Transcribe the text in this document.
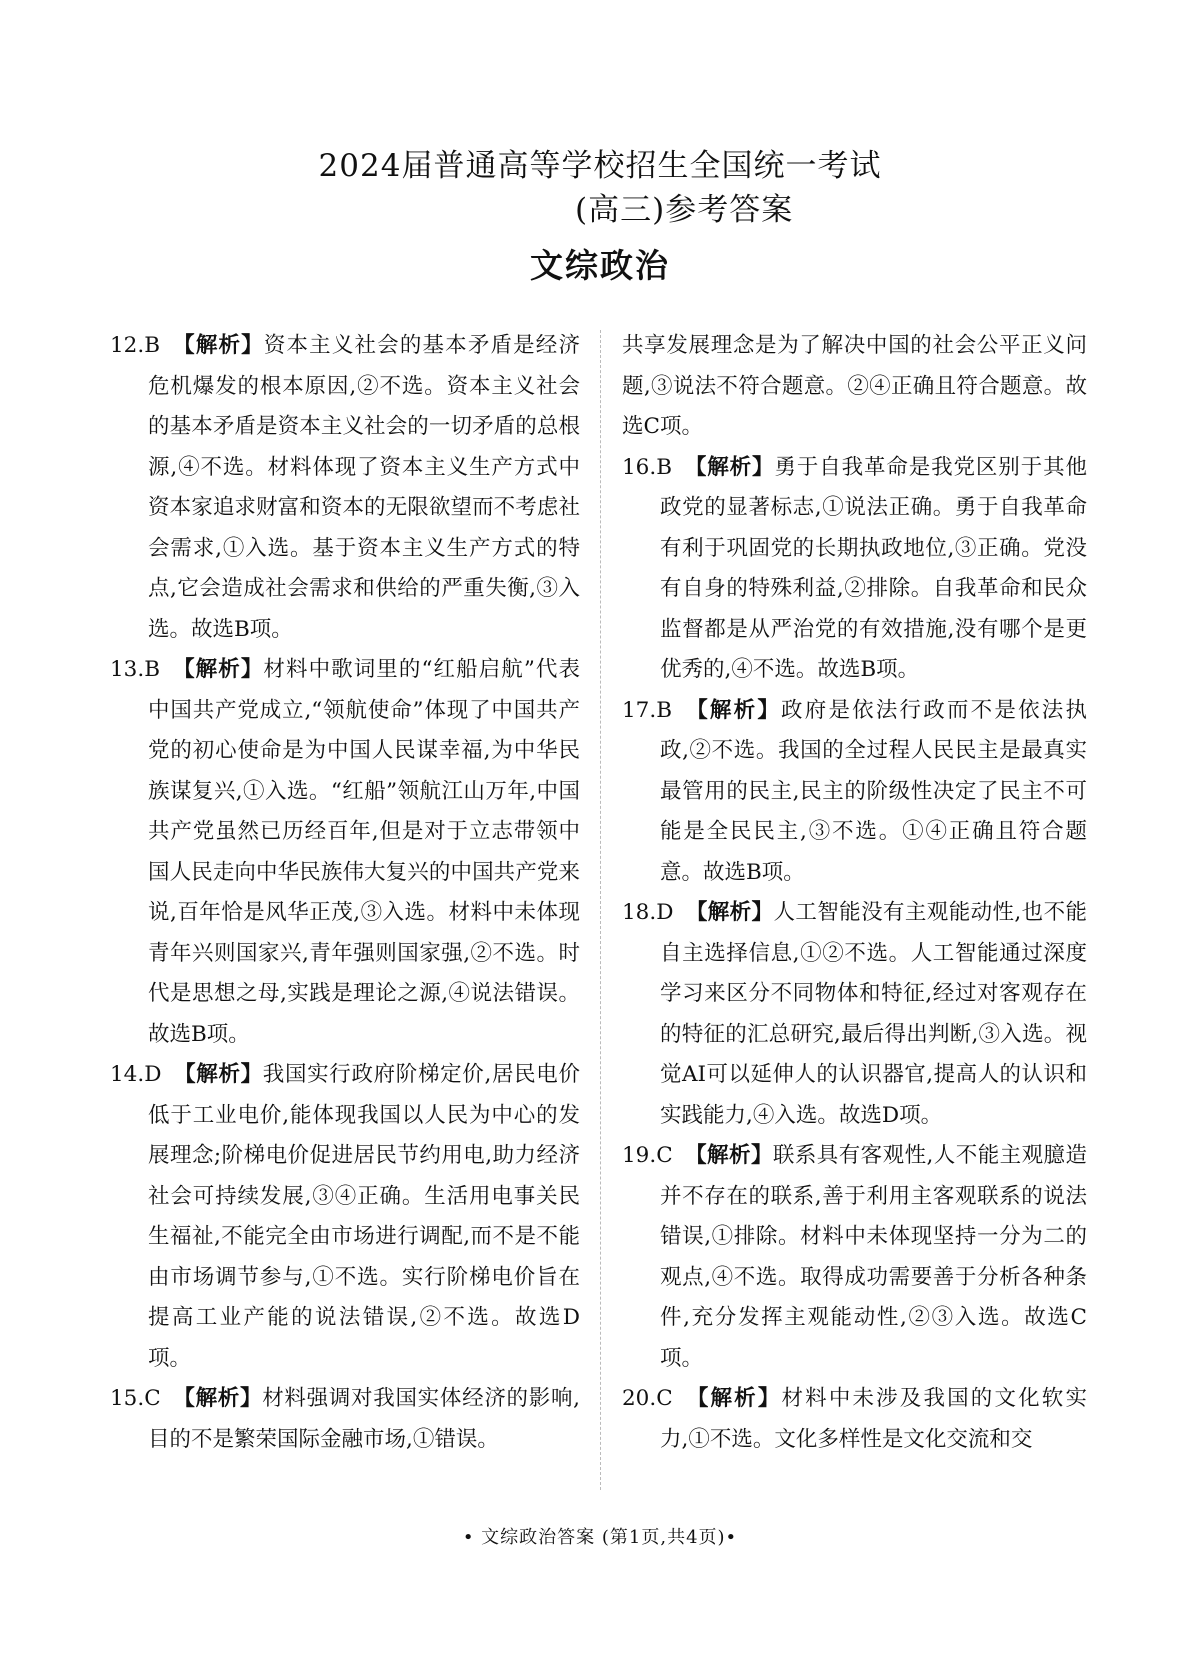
2024届普通高等学校招生全国统一考试
(高三)参考答案
文综政治
12.B 【解析】资本主义社会的基本矛盾是经济危机爆发的根本原因,②不选。资本主义社会的基本矛盾是资本主义社会的一切矛盾的总根源,④不选。材料体现了资本主义生产方式中资本家追求财富和资本的无限欲望而不考虑社会需求,①入选。基于资本主义生产方式的特点,它会造成社会需求和供给的严重失衡,③入选。故选B项。
13.B 【解析】材料中歌词里的“红船启航”代表中国共产党成立,“领航使命”体现了中国共产党的初心使命是为中国人民谋幸福,为中华民族谋复兴,①入选。“红船”领航江山万年,中国共产党虽然已历经百年,但是对于立志带领中国人民走向中华民族伟大复兴的中国共产党来说,百年恰是风华正茂,③入选。材料中未体现青年兴则国家兴,青年强则国家强,②不选。时代是思想之母,实践是理论之源,④说法错误。故选B项。
14.D 【解析】我国实行政府阶梯定价,居民电价低于工业电价,能体现我国以人民为中心的发展理念;阶梯电价促进居民节约用电,助力经济社会可持续发展,③④正确。生活用电事关民生福祉,不能完全由市场进行调配,而不是不能由市场调节参与,①不选。实行阶梯电价旨在提高工业产能的说法错误,②不选。故选D项。
15.C 【解析】材料强调对我国实体经济的影响,目的不是繁荣国际金融市场,①错误。
共享发展理念是为了解决中国的社会公平正义问题,③说法不符合题意。②④正确且符合题意。故选C项。
16.B 【解析】勇于自我革命是我党区别于其他政党的显著标志,①说法正确。勇于自我革命有利于巩固党的长期执政地位,③正确。党没有自身的特殊利益,②排除。自我革命和民众监督都是从严治党的有效措施,没有哪个是更优秀的,④不选。故选B项。
17.B 【解析】政府是依法行政而不是依法执政,②不选。我国的全过程人民民主是最真实最管用的民主,民主的阶级性决定了民主不可能是全民民主,③不选。①④正确且符合题意。故选B项。
18.D 【解析】人工智能没有主观能动性,也不能自主选择信息,①②不选。人工智能通过深度学习来区分不同物体和特征,经过对客观存在的特征的汇总研究,最后得出判断,③入选。视觉AI可以延伸人的认识器官,提高人的认识和实践能力,④入选。故选D项。
19.C 【解析】联系具有客观性,人不能主观臆造并不存在的联系,善于利用主客观联系的说法错误,①排除。材料中未体现坚持一分为二的观点,④不选。取得成功需要善于分析各种条件,充分发挥主观能动性,②③入选。故选C项。
20.C 【解析】材料中未涉及我国的文化软实力,①不选。文化多样性是文化交流和交
• 文综政治答案 (第1页,共4页)•
